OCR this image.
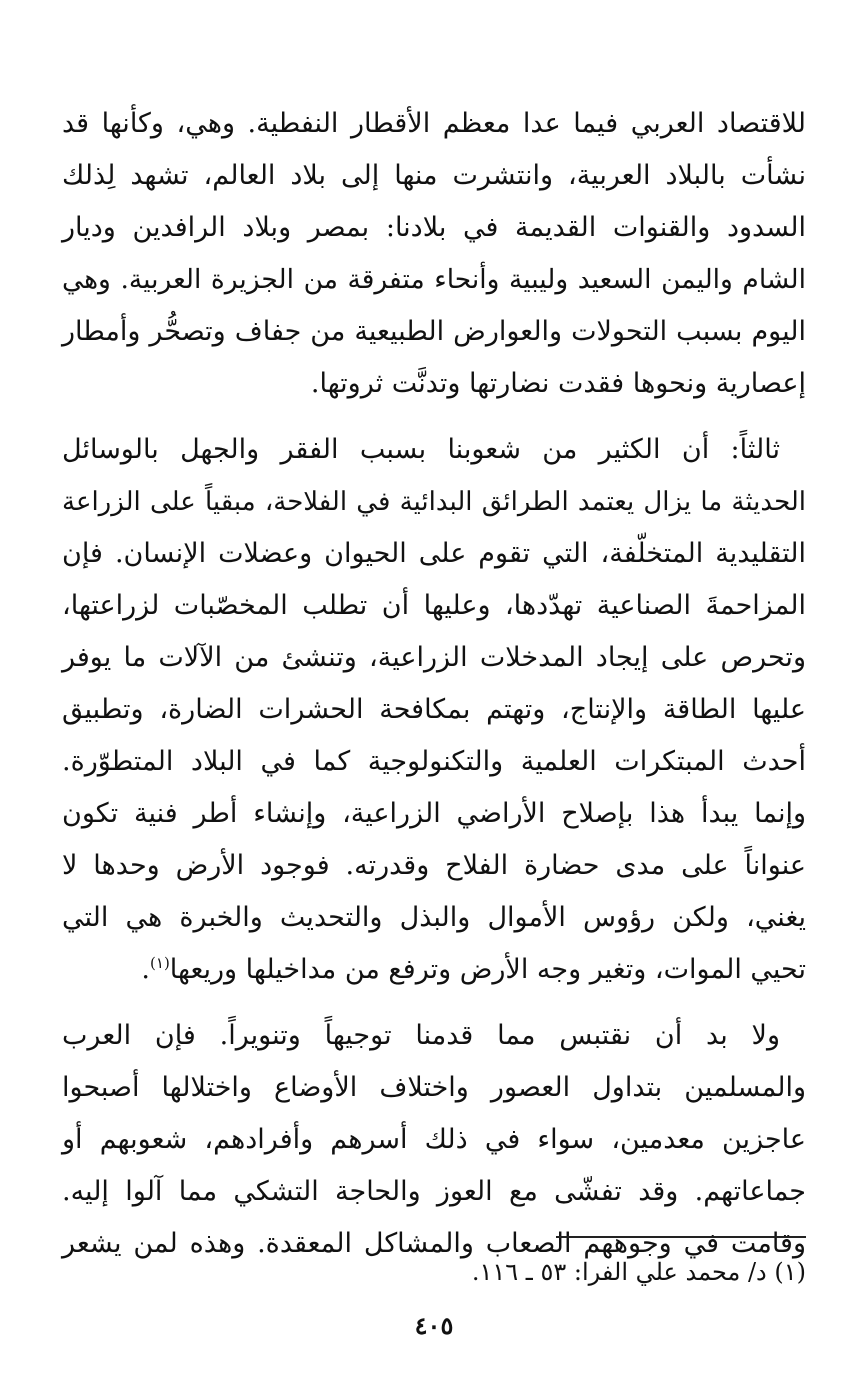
للاقتصاد العربي فيما عدا معظم الأقطار النفطية. وهي، وكأنها قد
نشأت بالبلاد العربية، وانتشرت منها إلى بلاد العالم، تشهد لِذلك
السدود والقنوات القديمة في بلادنا: بمصر وبلاد الرافدين وديار
الشام واليمن السعيد وليبية وأنحاء متفرقة من الجزيرة العربية. وهي
اليوم بسبب التحولات والعوارض الطبيعية من جفاف وتصحُّر وأمطار
إعصارية ونحوها فقدت نضارتها وتدنَّت ثروتها.
ثالثاً: أن الكثير من شعوبنا بسبب الفقر والجهل بالوسائل
الحديثة ما يزال يعتمد الطرائق البدائية في الفلاحة، مبقياً على الزراعة
التقليدية المتخلّفة، التي تقوم على الحيوان وعضلات الإنسان. فإن
المزاحمةَ الصناعية تهدّدها، وعليها أن تطلب المخصّبات لزراعتها،
وتحرص على إيجاد المدخلات الزراعية، وتنشئ من الآلات ما يوفر
عليها الطاقة والإنتاج، وتهتم بمكافحة الحشرات الضارة، وتطبيق
أحدث المبتكرات العلمية والتكنولوجية كما في البلاد المتطوّرة.
وإنما يبدأ هذا بإصلاح الأراضي الزراعية، وإنشاء أطر فنية تكون
عنواناً على مدى حضارة الفلاح وقدرته. فوجود الأرض وحدها لا
يغني، ولكن رؤوس الأموال والبذل والتحديث والخبرة هي التي
تحيي الموات، وتغير وجه الأرض وترفع من مداخيلها وريعها$^{(١)}$.
ولا بد أن نقتبس مما قدمنا توجيهاً وتنويراً. فإن العرب
والمسلمين بتداول العصور واختلاف الأوضاع واختلالها أصبحوا
عاجزين معدمين، سواء في ذلك أسرهم وأفرادهم، شعوبهم أو
جماعاتهم. وقد تفشّى مع العوز والحاجة التشكي مما آلوا إليه.
وقامت في وجوههم الصعاب والمشاكل المعقدة. وهذه لمن يشعر
(١) د/ محمد علي الفرا: ٥٣ ـ ١١٦.
٤٠٥
